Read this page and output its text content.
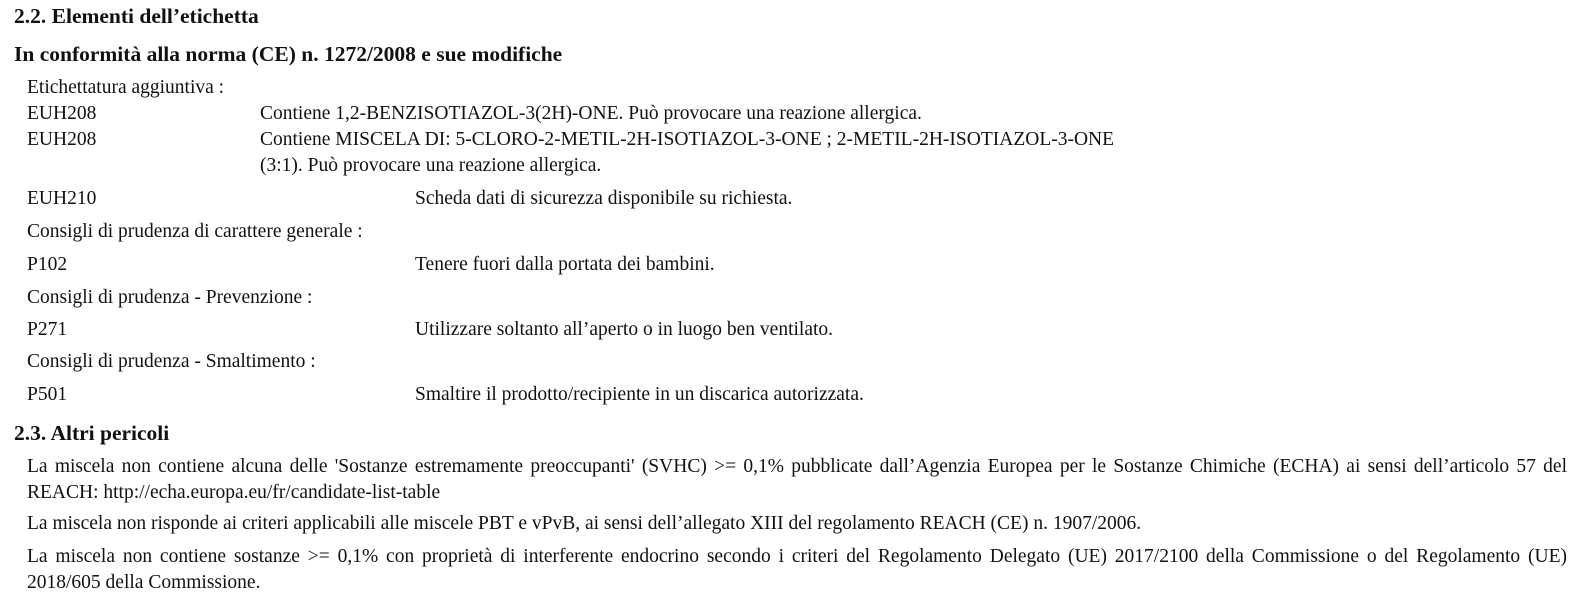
2.2. Elementi dell’etichetta
In conformità alla norma (CE) n. 1272/2008 e sue modifiche
Etichettatura aggiuntiva :
EUH208	Contiene 1,2-BENZISOTIAZOL-3(2H)-ONE. Può provocare una reazione allergica.
EUH208	Contiene MISCELA DI: 5-CLORO-2-METIL-2H-ISOTIAZOL-3-ONE ; 2-METIL-2H-ISOTIAZOL-3-ONE
(3:1). Può provocare una reazione allergica.
EUH210	Scheda dati di sicurezza disponibile su richiesta.
Consigli di prudenza di carattere generale :
P102	Tenere fuori dalla portata dei bambini.
Consigli di prudenza - Prevenzione :
P271	Utilizzare soltanto all’aperto o in luogo ben ventilato.
Consigli di prudenza - Smaltimento :
P501	Smaltire il prodotto/recipiente in un discarica autorizzata.
2.3. Altri pericoli
La miscela non contiene alcuna delle 'Sostanze estremamente preoccupanti' (SVHC) >= 0,1% pubblicate dall’Agenzia Europea per le Sostanze Chimiche (ECHA) ai sensi dell’articolo 57 del REACH: http://echa.europa.eu/fr/candidate-list-table
La miscela non risponde ai criteri applicabili alle miscele PBT e vPvB, ai sensi dell’allegato XIII del regolamento REACH (CE) n. 1907/2006.
La miscela non contiene sostanze >= 0,1% con proprietà di interferente endocrino secondo i criteri del Regolamento Delegato (UE) 2017/2100 della Commissione o del Regolamento (UE) 2018/605 della Commissione.
